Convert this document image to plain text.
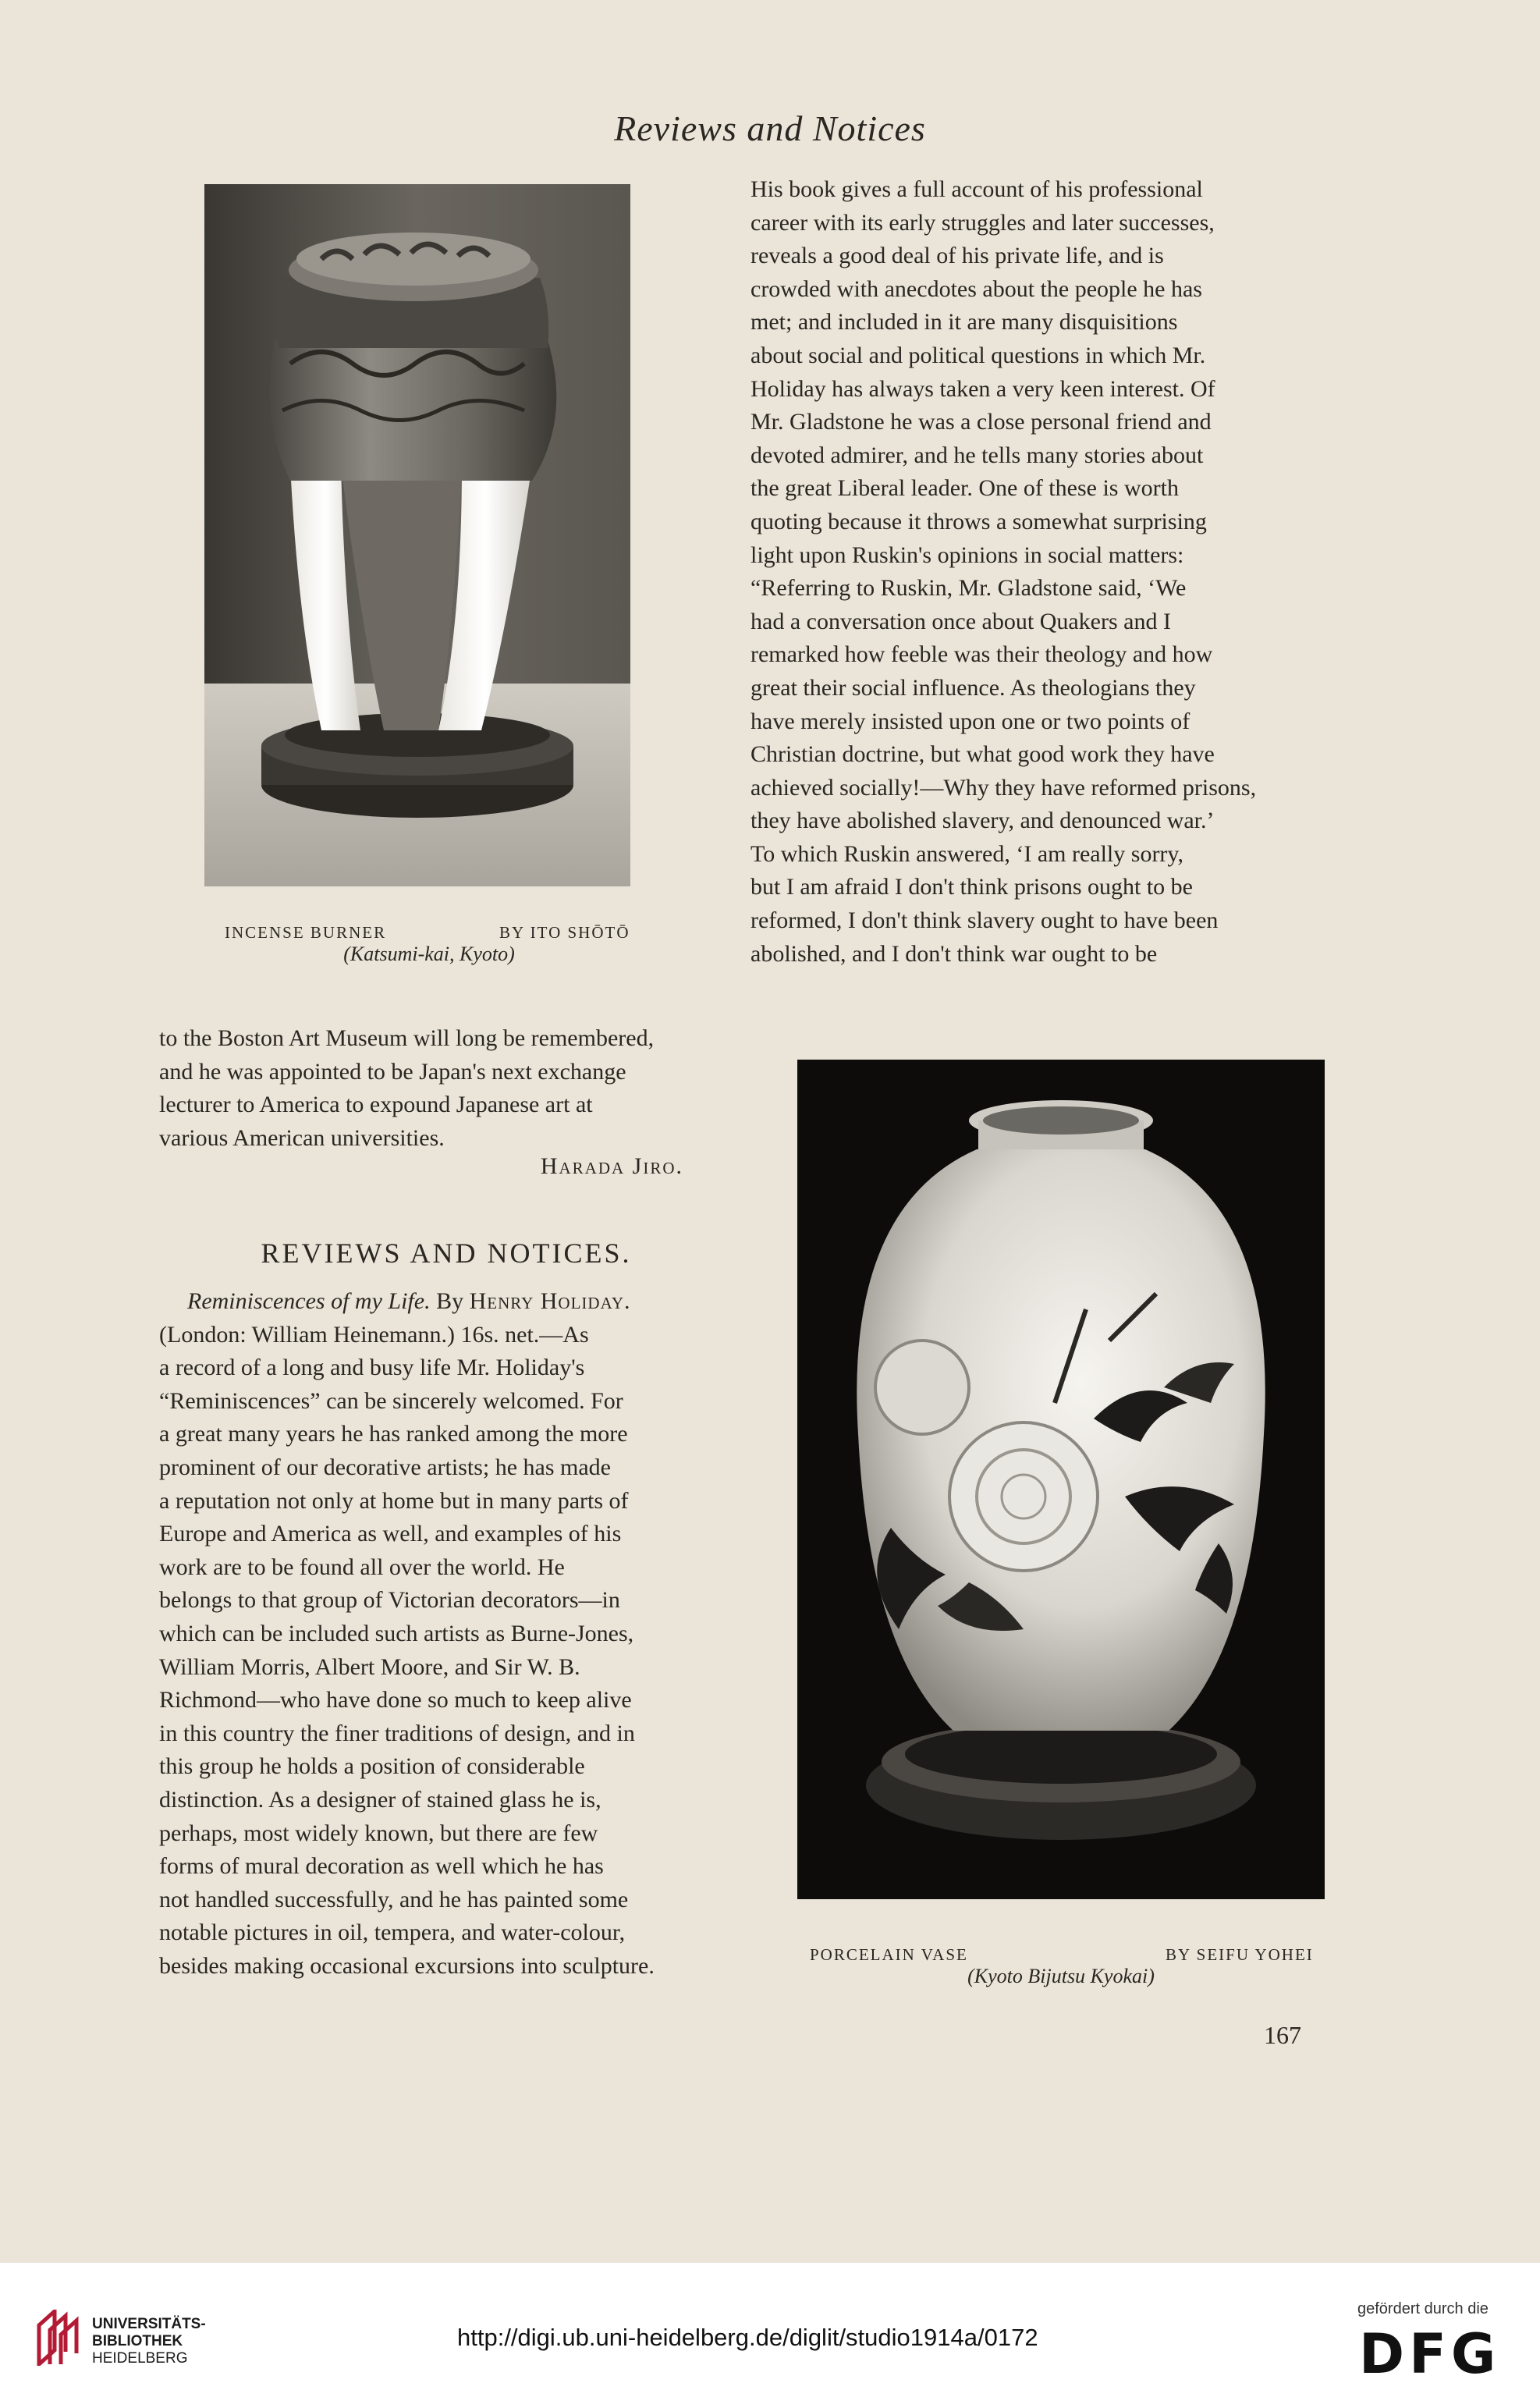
Reviews and Notices
INCENSE BURNER	BY ITO SHŌTŌ
(Katsumi-kai, Kyoto)

His book gives a full account of his professional

career with its early struggles and later successes,

reveals a good deal of his private life, and is

crowded with anecdotes about the people he has

met; and included in it are many disquisitions

about social and political questions in which Mr.

Holiday has always taken a very keen interest. Of

Mr. Gladstone he was a close personal friend and

devoted admirer, and he tells many stories about

the great Liberal leader. One of these is worth

quoting because it throws a somewhat surprising

light upon Ruskin's opinions in social matters:

“Referring to Ruskin, Mr. Gladstone said, ‘We

had a conversation once about Quakers and I

remarked how feeble was their theology and how

great their social influence. As theologians they

have merely insisted upon one or two points of

Christian doctrine, but what good work they have

achieved socially!—Why they have reformed prisons,

they have abolished slavery, and denounced war.’

To which Ruskin answered, ‘I am really sorry,

but I am afraid I don't think prisons ought to be

reformed, I don't think slavery ought to have been

abolished, and I don't think war ought to be

to the Boston Art Museum will long be remembered,

and he was appointed to be Japan's next exchange

lecturer to America to expound Japanese art at

various American universities.

Harada Jiro.
REVIEWS AND NOTICES.

Reminiscences of my Life. By Henry Holiday.

(London: William Heinemann.) 16s. net.—As

a record of a long and busy life Mr. Holiday's

“Reminiscences” can be sincerely welcomed. For

a great many years he has ranked among the more

prominent of our decorative artists; he has made

a reputation not only at home but in many parts of

Europe and America as well, and examples of his

work are to be found all over the world. He

belongs to that group of Victorian decorators—in

which can be included such artists as Burne-Jones,

William Morris, Albert Moore, and Sir W. B.

Richmond—who have done so much to keep alive

in this country the finer traditions of design, and in

this group he holds a position of considerable

distinction. As a designer of stained glass he is,

perhaps, most widely known, but there are few

forms of mural decoration as well which he has

not handled successfully, and he has painted some

notable pictures in oil, tempera, and water-colour,

besides making occasional excursions into sculpture.	PORCELAIN VASE	BY SEIFU YOHEI
(Kyoto Bijutsu Kyokai)
167
UNIVERSITÄTS-
BIBLIOTHEK
HEIDELBERG
http://digi.ub.uni-heidelberg.de/diglit/studio1914a/0172
gefördert durch die
DFG
